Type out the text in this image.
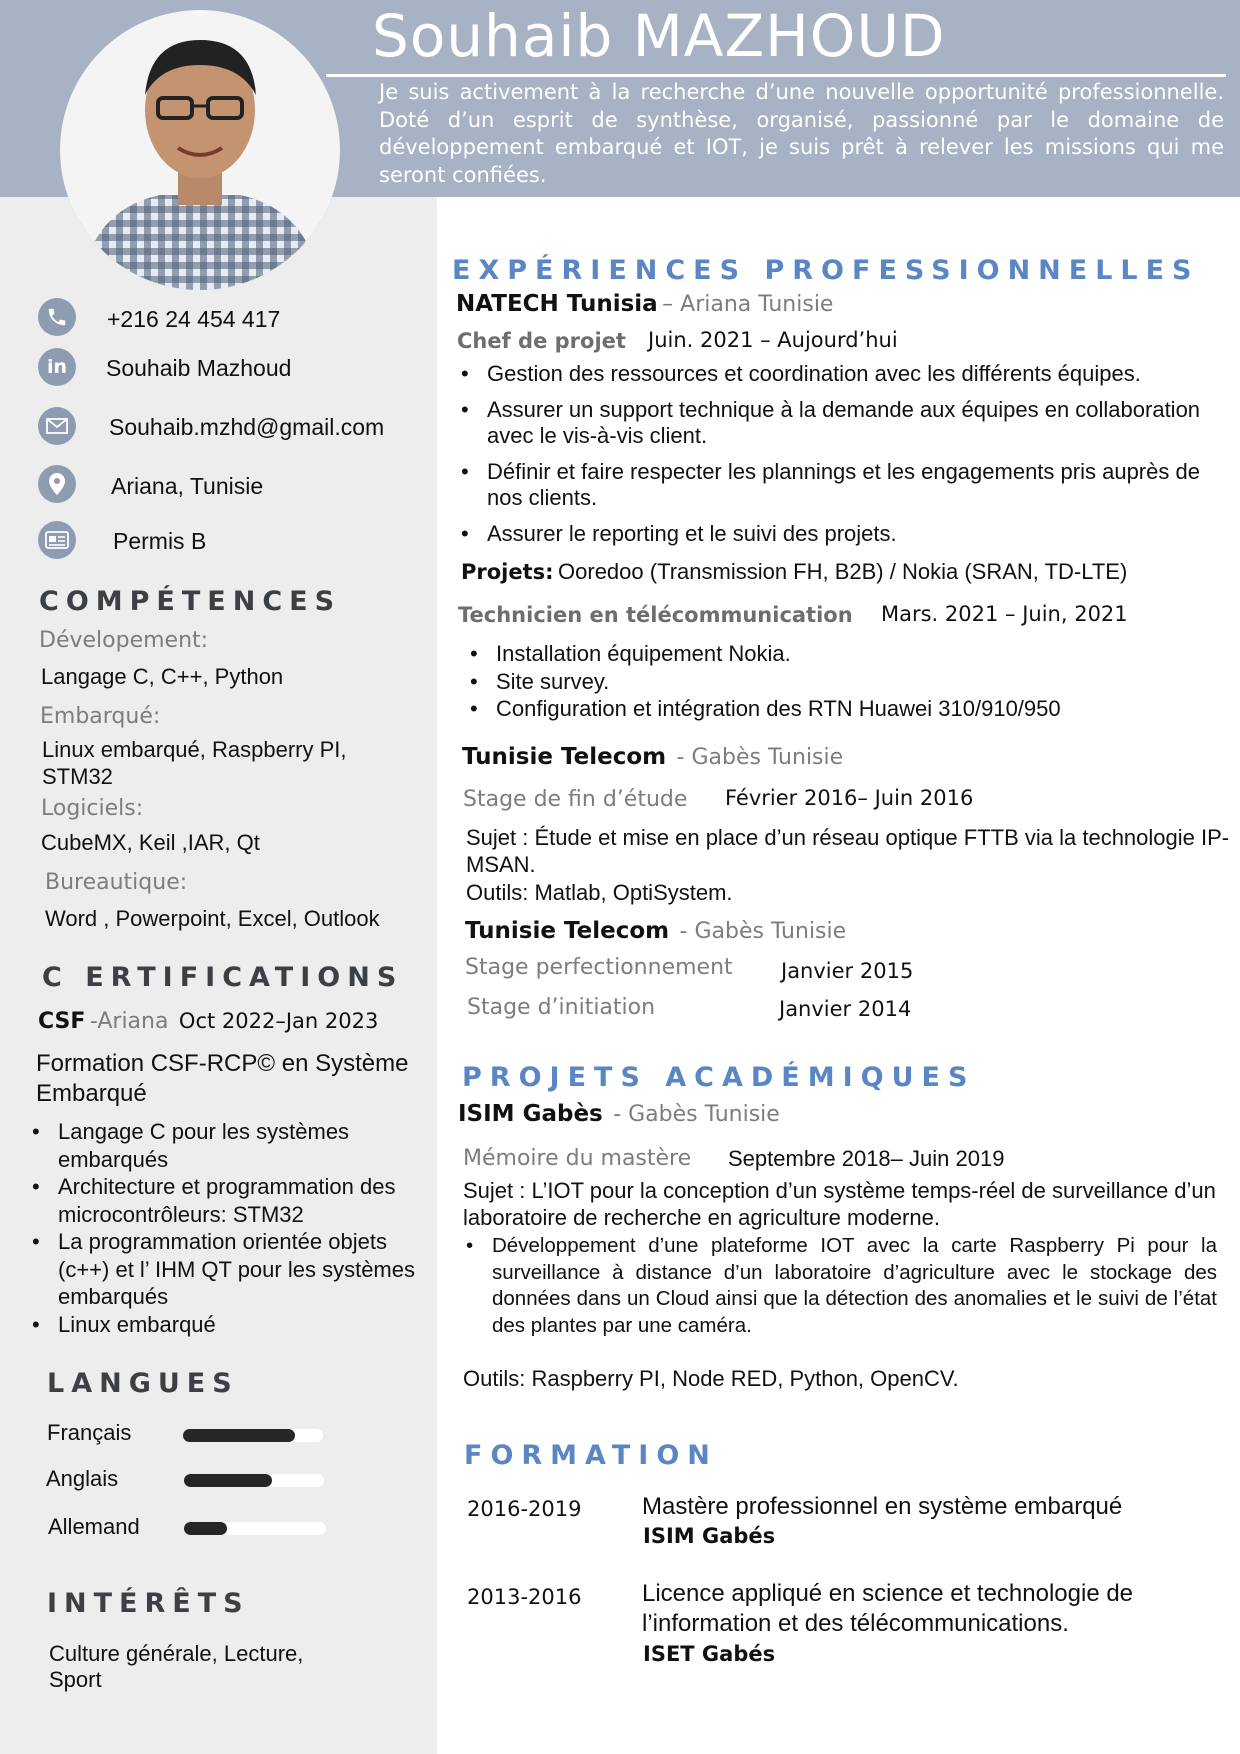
Souhaib MAZHOUD
Je suis activement à la recherche d’une nouvelle opportunité professionnelle. Doté d’un esprit de synthèse, organisé, passionné par le domaine de développement embarqué et IOT, je suis prêt à relever les missions qui me seront confiées.
+216 24 454 417
in Souhaib Mazhoud
Souhaib.mzhd@gmail.com
Ariana, Tunisie
Permis B
COMPÉTENCES
Dévelopement:
Langage C, C++, Python
Embarqué:
Linux embarqué, Raspberry PI, STM32
Logiciels:
CubeMX, Keil ,IAR, Qt
Bureautique:
Word , Powerpoint, Excel, Outlook
C ERTIFICATIONS
CSF -Ariana Oct 2022–Jan 2023
Formation CSF-RCP© en Système Embarqué
• Langage C pour les systèmes embarqués
• Architecture et programmation des microcontrôleurs: STM32
• La programmation orientée objets (c++) et l’ IHM QT pour les systèmes embarqués
• Linux embarqué
LANGUES
Français
Anglais
Allemand
INTÉRÊTS
Culture générale, Lecture, Sport
EXPÉRIENCES PROFESSIONNELLES
NATECH Tunisia – Ariana Tunisie
Chef de projet Juin. 2021 – Aujourd’hui
• Gestion des ressources et coordination avec les différents équipes.
• Assurer un support technique à la demande aux équipes en collaboration avec le vis-à-vis client.
• Définir et faire respecter les plannings et les engagements pris auprès de nos clients.
• Assurer le reporting et le suivi des projets.
Projets: Ooredoo (Transmission FH, B2B) / Nokia (SRAN, TD-LTE)
Technicien en télécommunication Mars. 2021 – Juin, 2021
• Installation équipement Nokia.
• Site survey.
• Configuration et intégration des RTN Huawei 310/910/950
Tunisie Telecom - Gabès Tunisie
Stage de fin d’étude Février 2016– Juin 2016
Sujet : Étude et mise en place d’un réseau optique FTTB via la technologie IP-MSAN.
Outils: Matlab, OptiSystem.
Tunisie Telecom - Gabès Tunisie
Stage perfectionnement Janvier 2015
Stage d’initiation	Janvier 2014
PROJETS ACADÉMIQUES
ISIM Gabès - Gabès Tunisie
Mémoire du mastère Septembre 2018– Juin 2019
Sujet : L’IOT pour la conception d’un système temps-réel de surveillance d’un laboratoire de recherche en agriculture moderne.
• Développement d’une plateforme IOT avec la carte Raspberry Pi pour la surveillance à distance d’un laboratoire d’agriculture avec le stockage des données dans un Cloud ainsi que la détection des anomalies et le suivi de l’état des plantes par une caméra.
Outils: Raspberry PI, Node RED, Python, OpenCV.
FORMATION
2016-2019	Mastère professionnel en système embarqué
ISIM Gabés
2013-2016	Licence appliqué en science et technologie de l’information et des télécommunications.
ISET Gabés
